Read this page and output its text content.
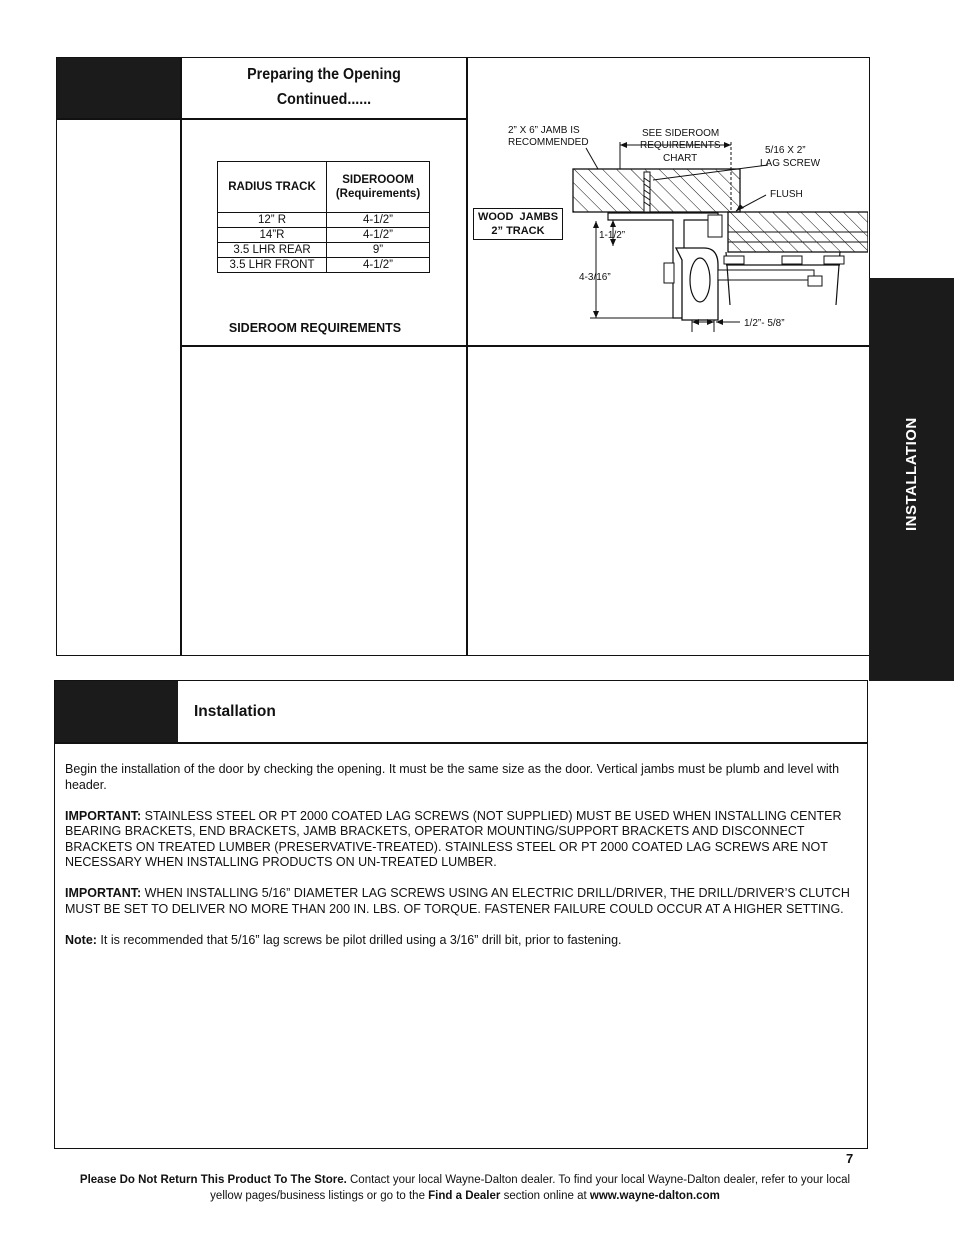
Preparing the Opening
Continued......
RADIUS TRACK	SIDEROOOM (Requirements)
12” R	4-1/2”
14”R	4-1/2”
3.5 LHR REAR	9”
3.5 LHR FRONT	4-1/2”
SIDEROOM REQUIREMENTS
2” X 6” JAMB IS
RECOMMENDED
SEE SIDEROOM
REQUIREMENTS
CHART
5/16 X 2”
LAG SCREW
FLUSH
1-1/2”
4-3/16”
1/2”- 5/8”
WOOD  JAMBS
2” TRACK
INSTALLATION
Installation
Begin the installation of the door by checking the opening. It must be the same size as the door. Vertical jambs must be plumb and level with header.
IMPORTANT: STAINLESS STEEL OR PT 2000 COATED LAG SCREWS (NOT SUPPLIED) MUST BE USED WHEN INSTALLING CENTER BEARING BRACKETS, END BRACKETS, JAMB BRACKETS, OPERATOR MOUNTING/SUPPORT BRACKETS AND DISCONNECT BRACKETS ON TREATED LUMBER (PRESERVATIVE-TREATED). STAINLESS STEEL OR PT 2000 COATED LAG SCREWS ARE NOT NECESSARY WHEN INSTALLING PRODUCTS ON UN-TREATED LUMBER.
IMPORTANT: WHEN INSTALLING 5/16” DIAMETER LAG SCREWS USING AN ELECTRIC DRILL/DRIVER, THE DRILL/DRIVER’S CLUTCH MUST BE SET TO DELIVER NO MORE THAN 200 IN. LBS. OF TORQUE. FASTENER FAILURE COULD OCCUR AT A HIGHER SETTING.
Note: It is recommended that 5/16” lag screws be pilot drilled using a 3/16” drill bit, prior to fastening.
7
Please Do Not Return This Product To The Store. Contact your local Wayne-Dalton dealer. To find your local Wayne-Dalton dealer, refer to your local yellow pages/business listings or go to the Find a Dealer section online at www.wayne-dalton.com
